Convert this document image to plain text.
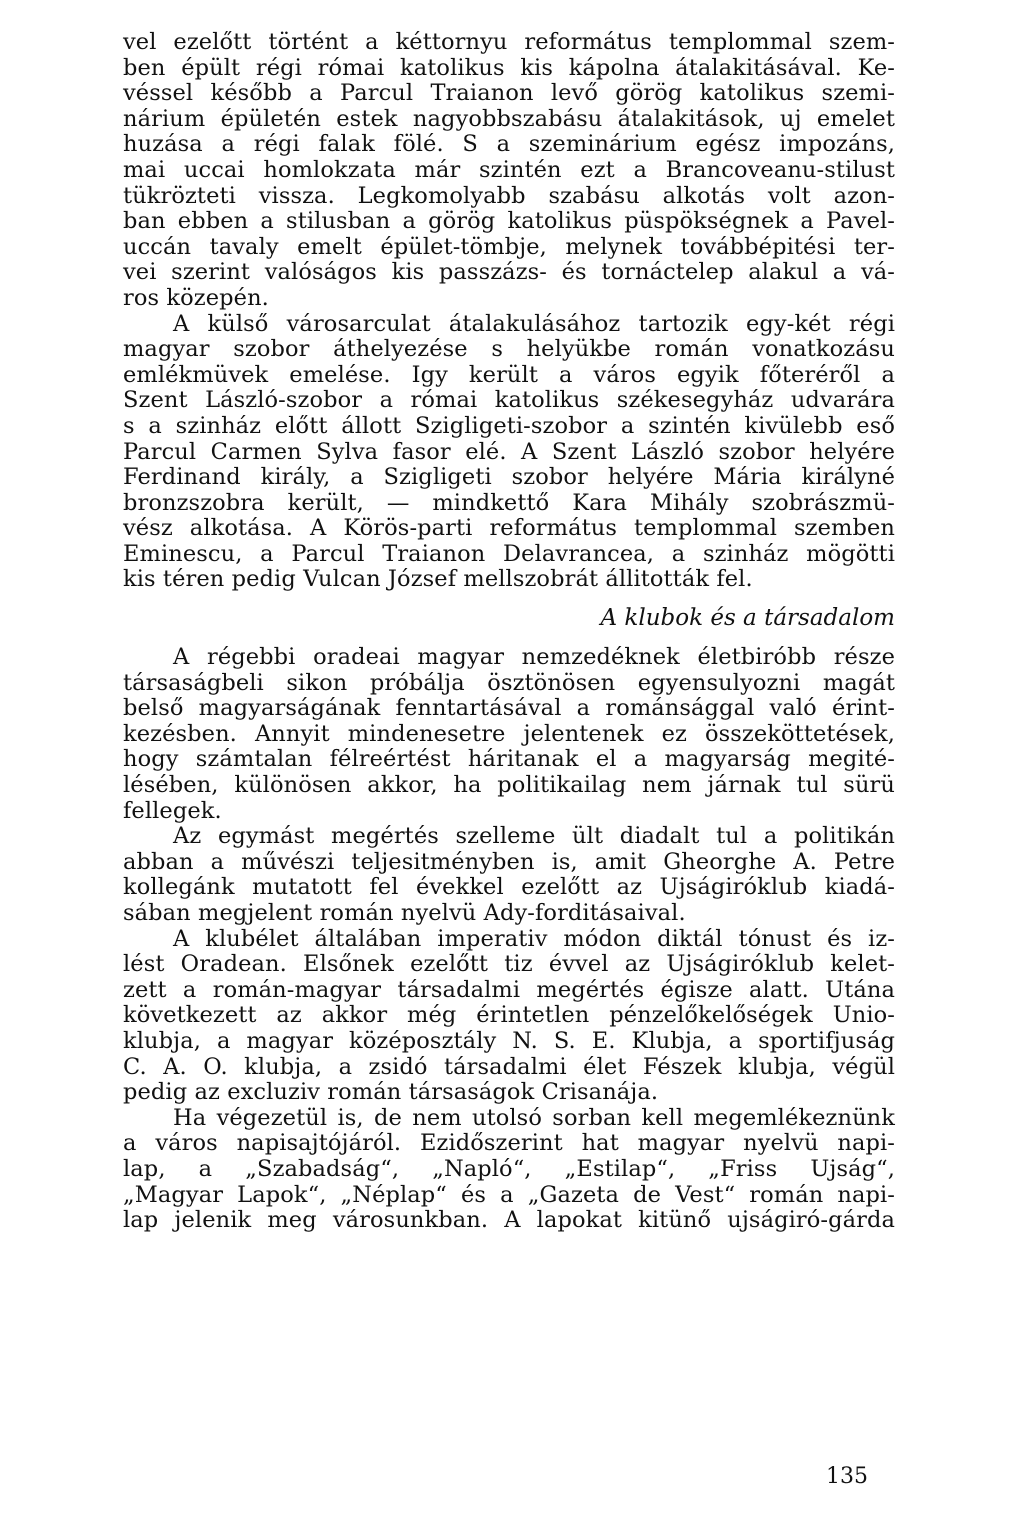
vel ezelőtt történt a kéttornyu református templommal szem-
ben épült régi római katolikus kis kápolna átalakitásával. Ke-
véssel később a Parcul Traianon levő görög katolikus szemi-
nárium épületén estek nagyobbszabásu átalakitások, uj emelet
huzása a régi falak fölé. S a szeminárium egész impozáns,
mai uccai homlokzata már szintén ezt a Brancoveanu-stilust
tükrözteti vissza. Legkomolyabb szabásu alkotás volt azon-
ban ebben a stilusban a görög katolikus püspökségnek a Pavel-
uccán tavaly emelt épület-tömbje, melynek továbbépitési ter-
vei szerint valóságos kis passzázs- és tornáctelep alakul a vá-
ros közepén.
A külső városarculat átalakulásához tartozik egy-két régi
magyar szobor áthelyezése s helyükbe román vonatkozásu
emlékmüvek emelése. Igy került a város egyik főteréről a
Szent László-szobor a római katolikus székesegyház udvarára
s a szinház előtt állott Szigligeti-szobor a szintén kivülebb eső
Parcul Carmen Sylva fasor elé. A Szent László szobor helyére
Ferdinand király, a Szigligeti szobor helyére Mária királyné
bronzszobra került, — mindkettő Kara Mihály szobrászmü-
vész alkotása. A Körös-parti református templommal szemben
Eminescu, a Parcul Traianon Delavrancea, a szinház mögötti
kis téren pedig Vulcan József mellszobrát állitották fel.
A klubok és a társadalom
A régebbi oradeai magyar nemzedéknek életbiróbb része
társaságbeli sikon próbálja ösztönösen egyensulyozni magát
belső magyarságának fenntartásával a románsággal való érint-
kezésben. Annyit mindenesetre jelentenek ez összeköttetések,
hogy számtalan félreértést háritanak el a magyarság megité-
lésében, különösen akkor, ha politikailag nem járnak tul sürü
fellegek.
Az egymást megértés szelleme ült diadalt tul a politikán
abban a művészi teljesitményben is, amit Gheorghe A. Petre
kollegánk mutatott fel évekkel ezelőtt az Ujságiróklub kiadá-
sában megjelent román nyelvü Ady-forditásaival.
A klubélet általában imperativ módon diktál tónust és iz-
lést Oradean. Elsőnek ezelőtt tiz évvel az Ujságiróklub kelet-
zett a román-magyar társadalmi megértés égisze alatt. Utána
következett az akkor még érintetlen pénzelőkelőségek Unio-
klubja, a magyar középosztály N. S. E. Klubja, a sportifjuság
C. A. O. klubja, a zsidó társadalmi élet Fészek klubja, végül
pedig az excluziv román társaságok Crisanája.
Ha végezetül is, de nem utolsó sorban kell megemlékeznünk
a város napisajtójáról. Ezidőszerint hat magyar nyelvü napi-
lap, a „Szabadság“, „Napló“, „Estilap“, „Friss Ujság“,
„Magyar Lapok“, „Néplap“ és a „Gazeta de Vest“ román napi-
lap jelenik meg városunkban. A lapokat kitünő ujságiró-gárda
135
